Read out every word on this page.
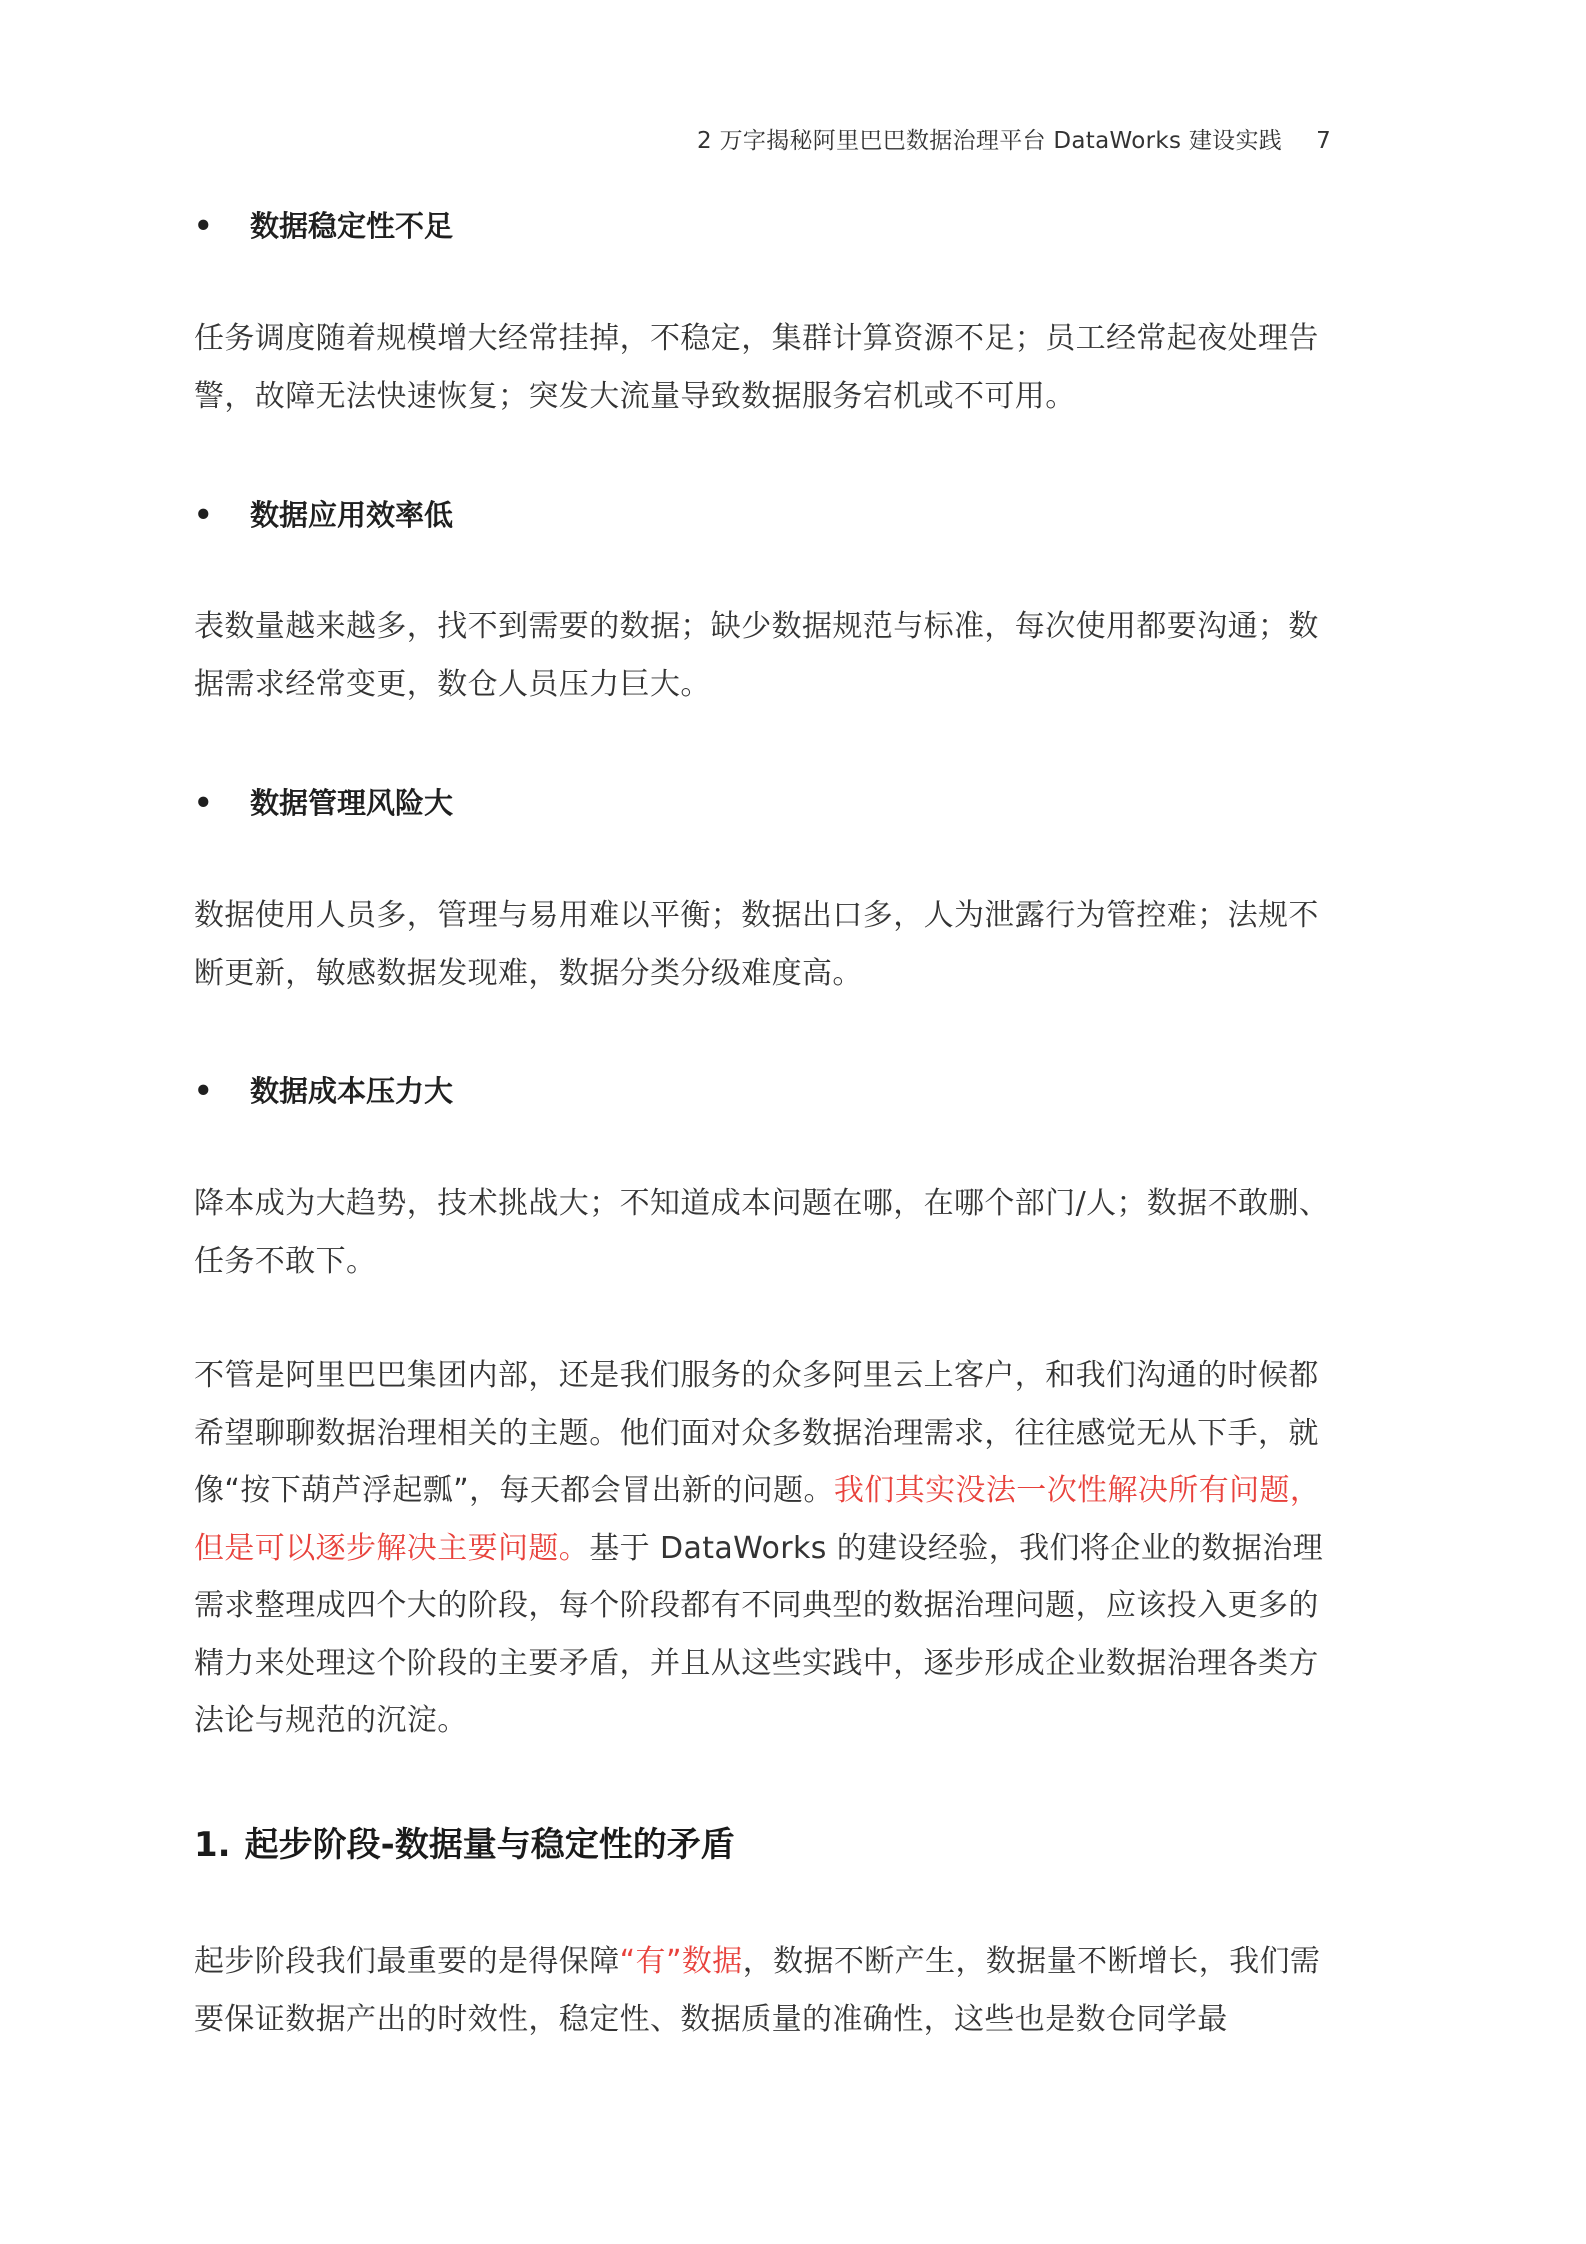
2 万字揭秘阿里巴巴数据治理平台 DataWorks 建设实践 7
• 数据稳定性不足
任务调度随着规模增大经常挂掉，不稳定，集群计算资源不足；员工经常起夜处理告警，故障无法快速恢复；突发大流量导致数据服务宕机或不可用。
• 数据应用效率低
表数量越来越多，找不到需要的数据；缺少数据规范与标准，每次使用都要沟通；数据需求经常变更，数仓人员压力巨大。
• 数据管理风险大
数据使用人员多，管理与易用难以平衡；数据出口多，人为泄露行为管控难；法规不断更新，敏感数据发现难，数据分类分级难度高。
• 数据成本压力大
降本成为大趋势，技术挑战大；不知道成本问题在哪，在哪个部门/人；数据不敢删、任务不敢下。
不管是阿里巴巴集团内部，还是我们服务的众多阿里云上客户，和我们沟通的时候都希望聊聊数据治理相关的主题。他们面对众多数据治理需求，往往感觉无从下手，就像“按下葫芦浮起瓢”，每天都会冒出新的问题。我们其实没法一次性解决所有问题，但是可以逐步解决主要问题。基于 DataWorks 的建设经验，我们将企业的数据治理需求整理成四个大的阶段，每个阶段都有不同典型的数据治理问题，应该投入更多的精力来处理这个阶段的主要矛盾，并且从这些实践中，逐步形成企业数据治理各类方法论与规范的沉淀。
1. 起步阶段-数据量与稳定性的矛盾
起步阶段我们最重要的是得保障“有”数据，数据不断产生，数据量不断增长，我们需要保证数据产出的时效性，稳定性、数据质量的准确性，这些也是数仓同学最
